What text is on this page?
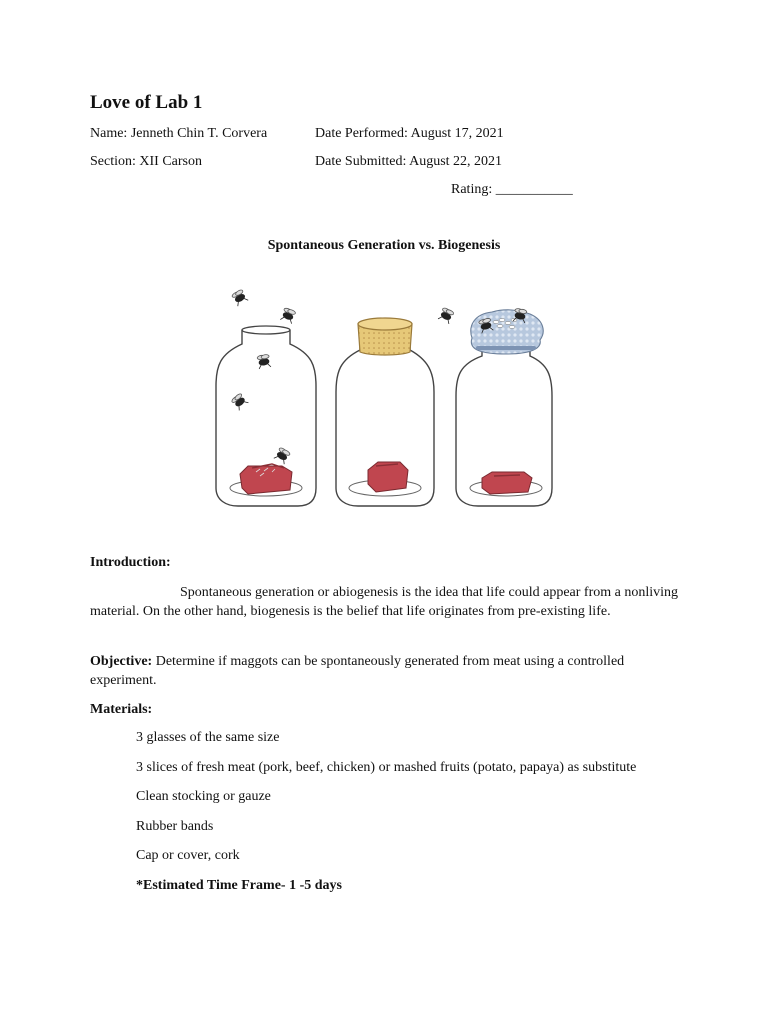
Love of Lab 1
Name: Jenneth Chin T. Corvera	Date Performed: August 17, 2021
Section: XII Carson	Date Submitted: August 22, 2021
Rating: ___________
Spontaneous Generation vs. Biogenesis
Introduction:
Spontaneous generation or abiogenesis is the idea that life could appear from a nonliving material. On the other hand, biogenesis is the belief that life originates from pre-existing life.
Objective: Determine if maggots can be spontaneously generated from meat using a controlled experiment.
Materials:
3 glasses of the same size
3 slices of fresh meat (pork, beef, chicken) or mashed fruits (potato, papaya) as substitute
Clean stocking or gauze
Rubber bands
Cap or cover, cork
*Estimated Time Frame- 1 -5 days
